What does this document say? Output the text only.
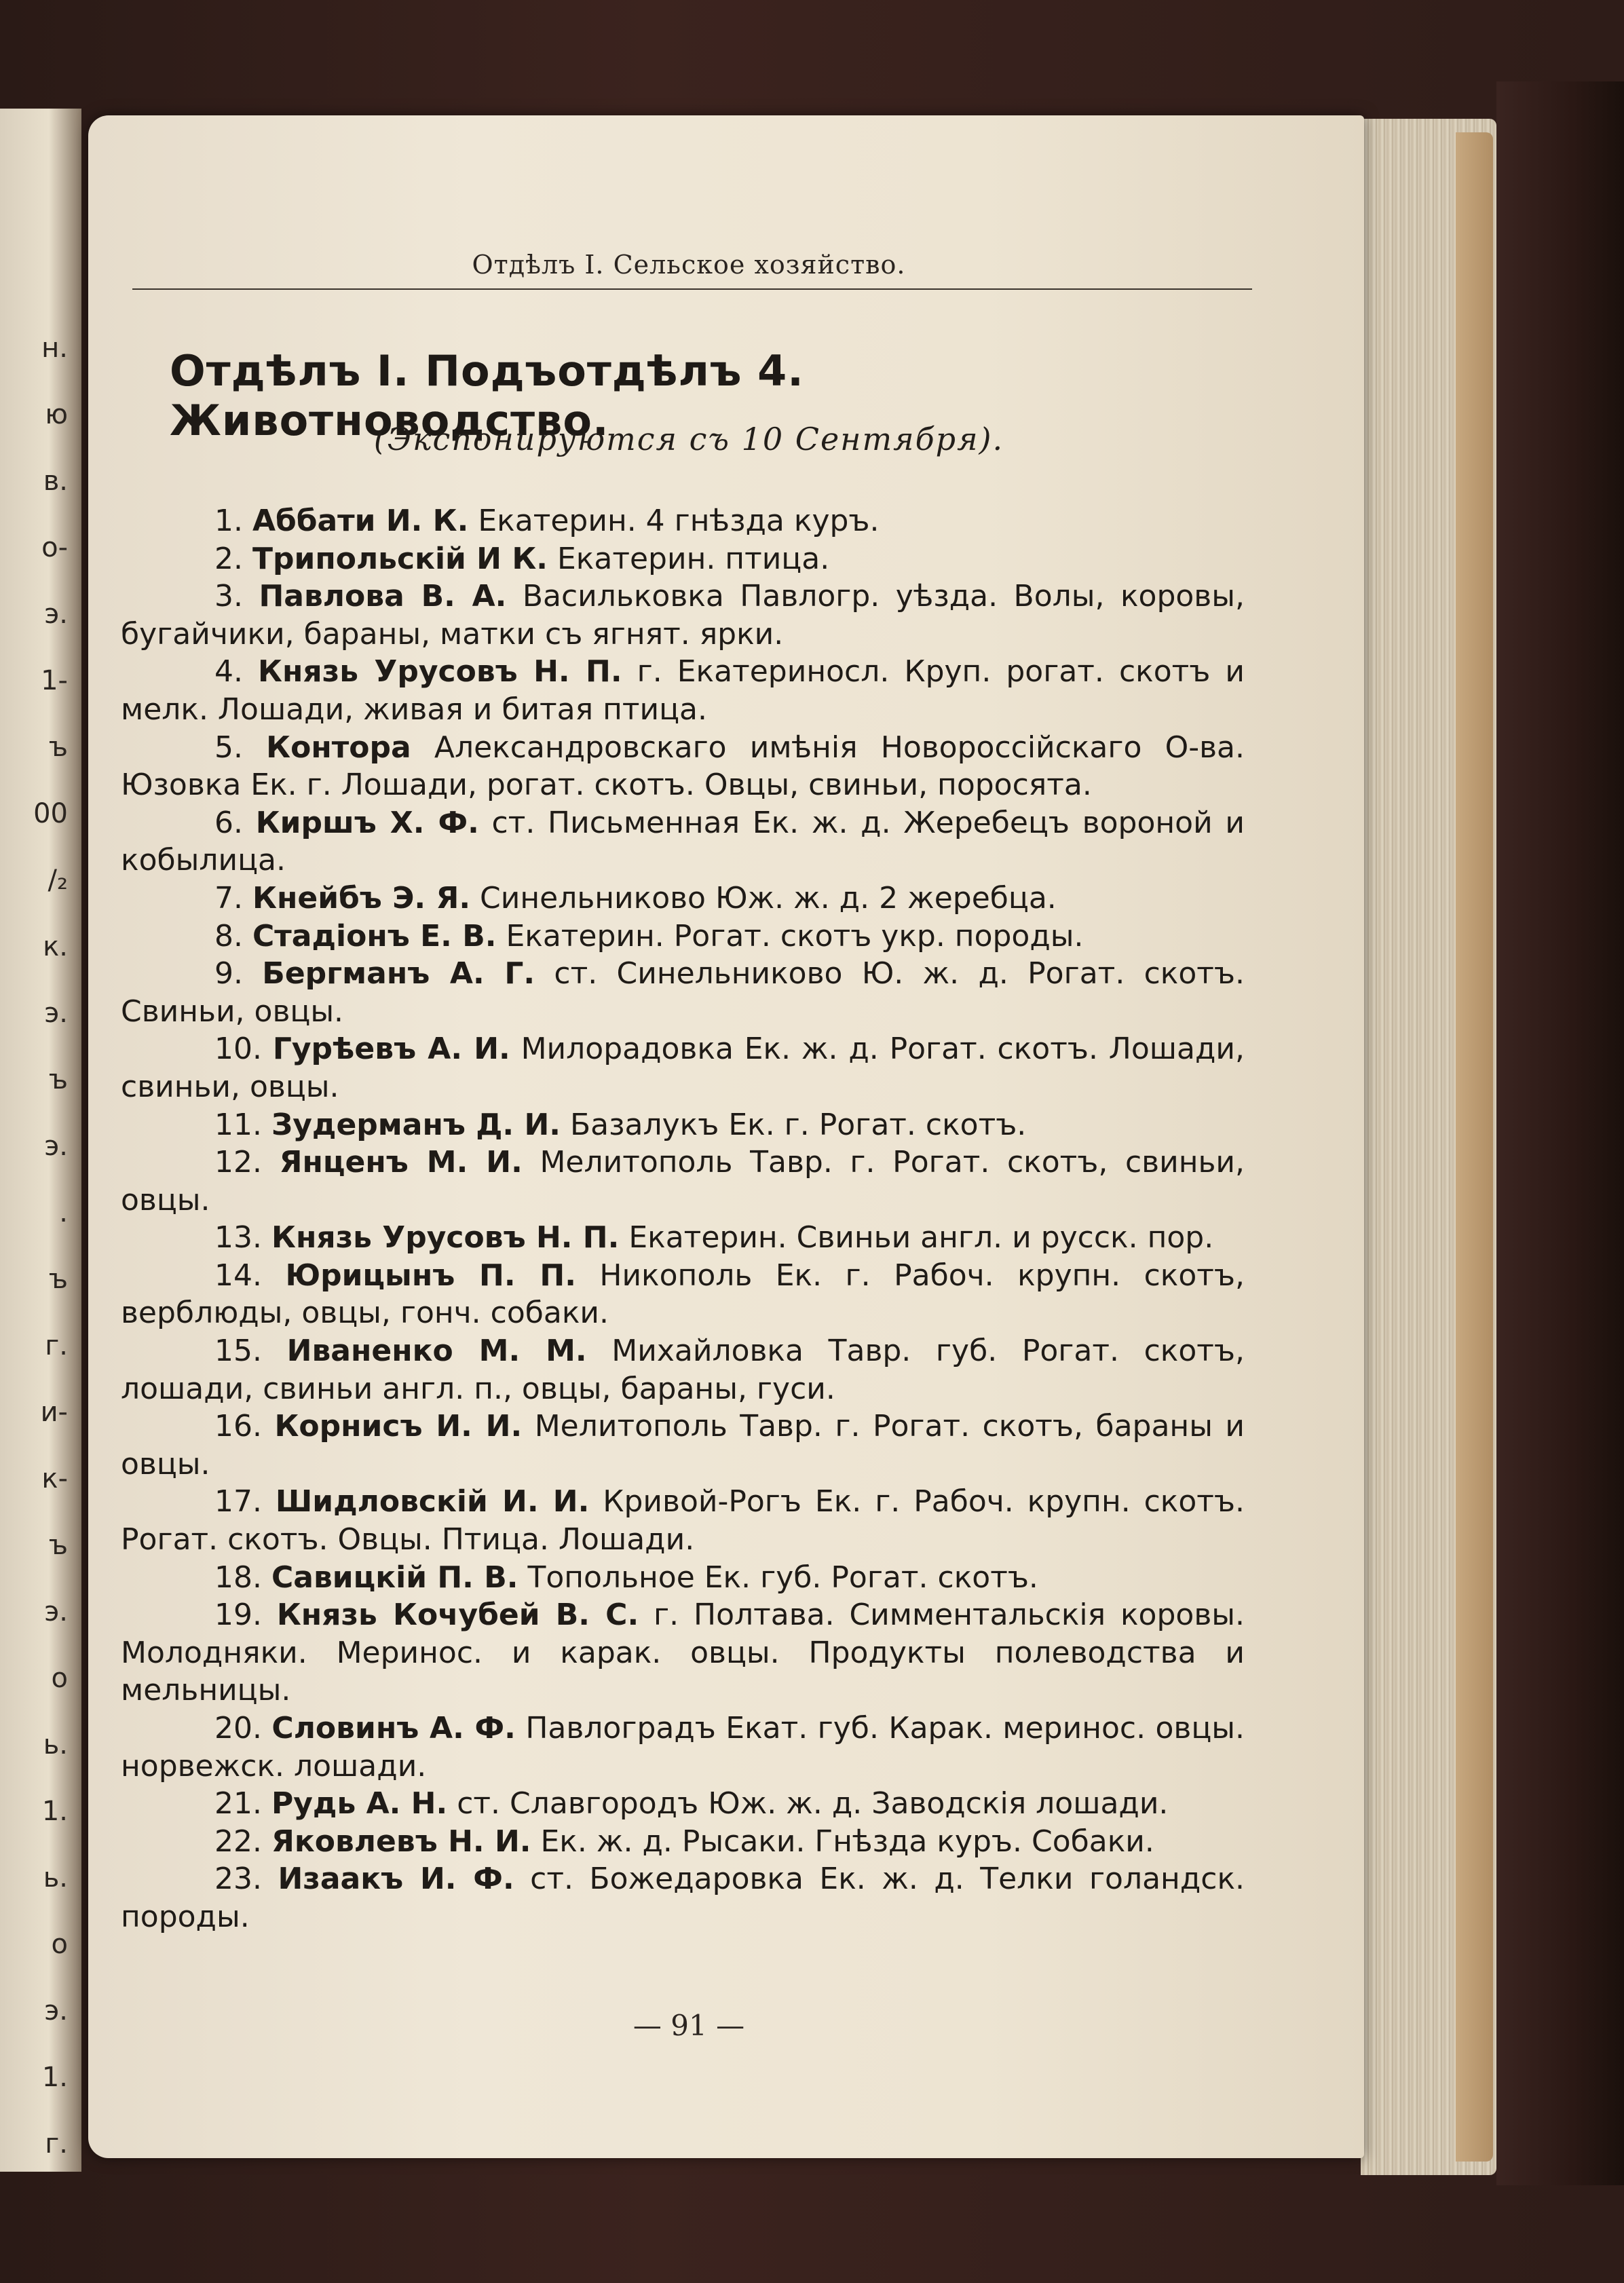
н.
ю
в.
о-
э.
1-
ъ
00
/₂
к.
э.
ъ
э.
.
ъ
г.
и-
к-
ъ
э.
о
ь.
1.
ь.
о
э.
1.
г.
Отдѣлъ I. Сельское хозяйство.
Отдѣлъ I. Подъотдѣлъ 4. Животноводство.
(Экспонируются съ 10 Сентября).
1. Аббати И. К. Екатерин. 4 гнѣзда куръ.
2. Трипольскій И К. Екатерин. птица.
3. Павлова В. А. Васильковка Павлогр. уѣзда. Волы, коровы, бугайчики, бараны, матки съ ягнят. ярки.
4. Князь Урусовъ Н. П. г. Екатериносл. Круп. рогат. скотъ и мелк. Лошади, живая и битая птица.
5. Контора Александровскаго имѣнія Новороссійскаго О-ва. Юзовка Ек. г. Лошади, рогат. скотъ. Овцы, свиньи, поросята.
6. Киршъ Х. Ф. ст. Письменная Ек. ж. д. Жеребецъ вороной и кобылица.
7. Кнейбъ Э. Я. Синельниково Юж. ж. д. 2 жеребца.
8. Стадіонъ Е. В. Екатерин. Рогат. скотъ укр. породы.
9. Бергманъ А. Г. ст. Синельниково Ю. ж. д. Рогат. скотъ. Свиньи, овцы.
10. Гурѣевъ А. И. Милорадовка Ек. ж. д. Рогат. скотъ. Лошади, свиньи, овцы.
11. Зудерманъ Д. И. Базалукъ Ек. г. Рогат. скотъ.
12. Янценъ М. И. Мелитополь Тавр. г. Рогат. скотъ, свиньи, овцы.
13. Князь Урусовъ Н. П. Екатерин. Свиньи англ. и русск. пор.
14. Юрицынъ П. П. Никополь Ек. г. Рабоч. крупн. скотъ, верблюды, овцы, гонч. собаки.
15. Иваненко М. М. Михайловка Тавр. губ. Рогат. скотъ, лошади, свиньи англ. п., овцы, бараны, гуси.
16. Корнисъ И. И. Мелитополь Тавр. г. Рогат. скотъ, бараны и овцы.
17. Шидловскій И. И. Кривой-Рогъ Ек. г. Рабоч. крупн. скотъ. Рогат. скотъ. Овцы. Птица. Лошади.
18. Савицкій П. В. Топольное Ек. губ. Рогат. скотъ.
19. Князь Кочубей В. С. г. Полтава. Симментальскія коровы. Молодняки. Меринос. и карак. овцы. Продукты полеводства и мельницы.
20. Словинъ А. Ф. Павлоградъ Екат. губ. Карак. меринос. овцы. норвежск. лошади.
21. Рудь А. Н. ст. Славгородъ Юж. ж. д. Заводскія лошади.
22. Яковлевъ Н. И. Ек. ж. д. Рысаки. Гнѣзда куръ. Собаки.
23. Изаакъ И. Ф. ст. Божедаровка Ек. ж. д. Телки голандск. породы.
— 91 —
